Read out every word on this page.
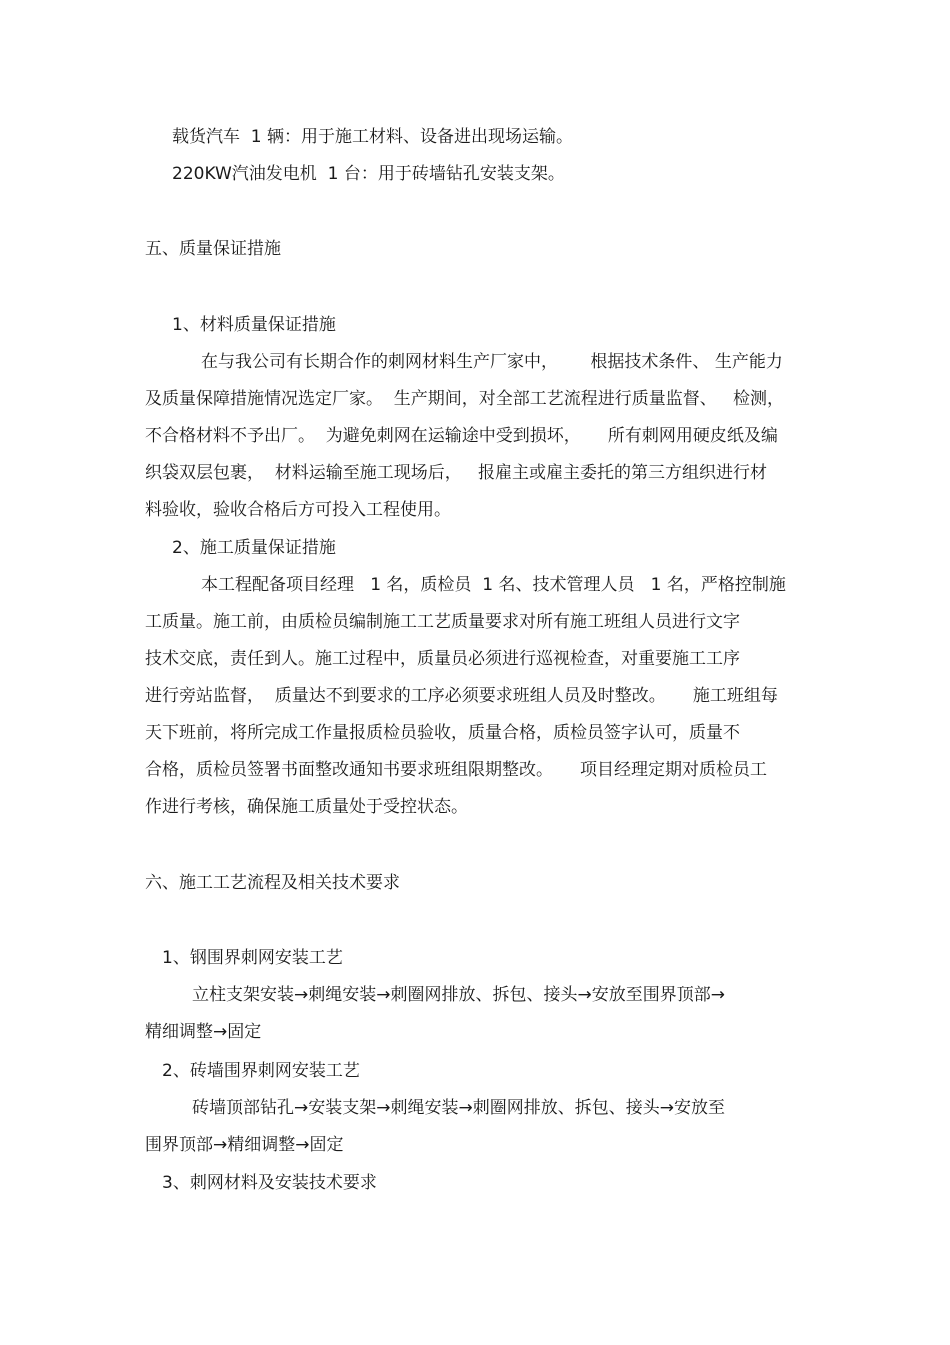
载货汽车  1 辆：用于施工材料、设备进出现场运输。
220KW汽油发电机  1 台：用于砖墙钻孔安装支架。
五、质量保证措施
1、材料质量保证措施
在与我公司有长期合作的刺网材料生产厂家中，      根据技术条件、 生产能力
及质量保障措施情况选定厂家。  生产期间，对全部工艺流程进行质量监督、   检测，
不合格材料不予出厂。  为避免刺网在运输途中受到损坏，     所有刺网用硬皮纸及编
织袋双层包裹，  材料运输至施工现场后，   报雇主或雇主委托的第三方组织进行材
料验收，验收合格后方可投入工程使用。
2、施工质量保证措施
本工程配备项目经理   1 名，质检员  1 名、技术管理人员   1 名，严格控制施
工质量。施工前，由质检员编制施工工艺质量要求对所有施工班组人员进行文字
技术交底，责任到人。施工过程中，质量员必须进行巡视检查，对重要施工工序
进行旁站监督，  质量达不到要求的工序必须要求班组人员及时整改。     施工班组每
天下班前，将所完成工作量报质检员验收，质量合格，质检员签字认可，质量不
合格，质检员签署书面整改通知书要求班组限期整改。     项目经理定期对质检员工
作进行考核，确保施工质量处于受控状态。
六、施工工艺流程及相关技术要求
1、钢围界刺网安装工艺
立柱支架安装→刺绳安装→刺圈网排放、拆包、接头→安放至围界顶部→
精细调整→固定
2、砖墙围界刺网安装工艺
砖墙顶部钻孔→安装支架→刺绳安装→刺圈网排放、拆包、接头→安放至
围界顶部→精细调整→固定
3、刺网材料及安装技术要求
